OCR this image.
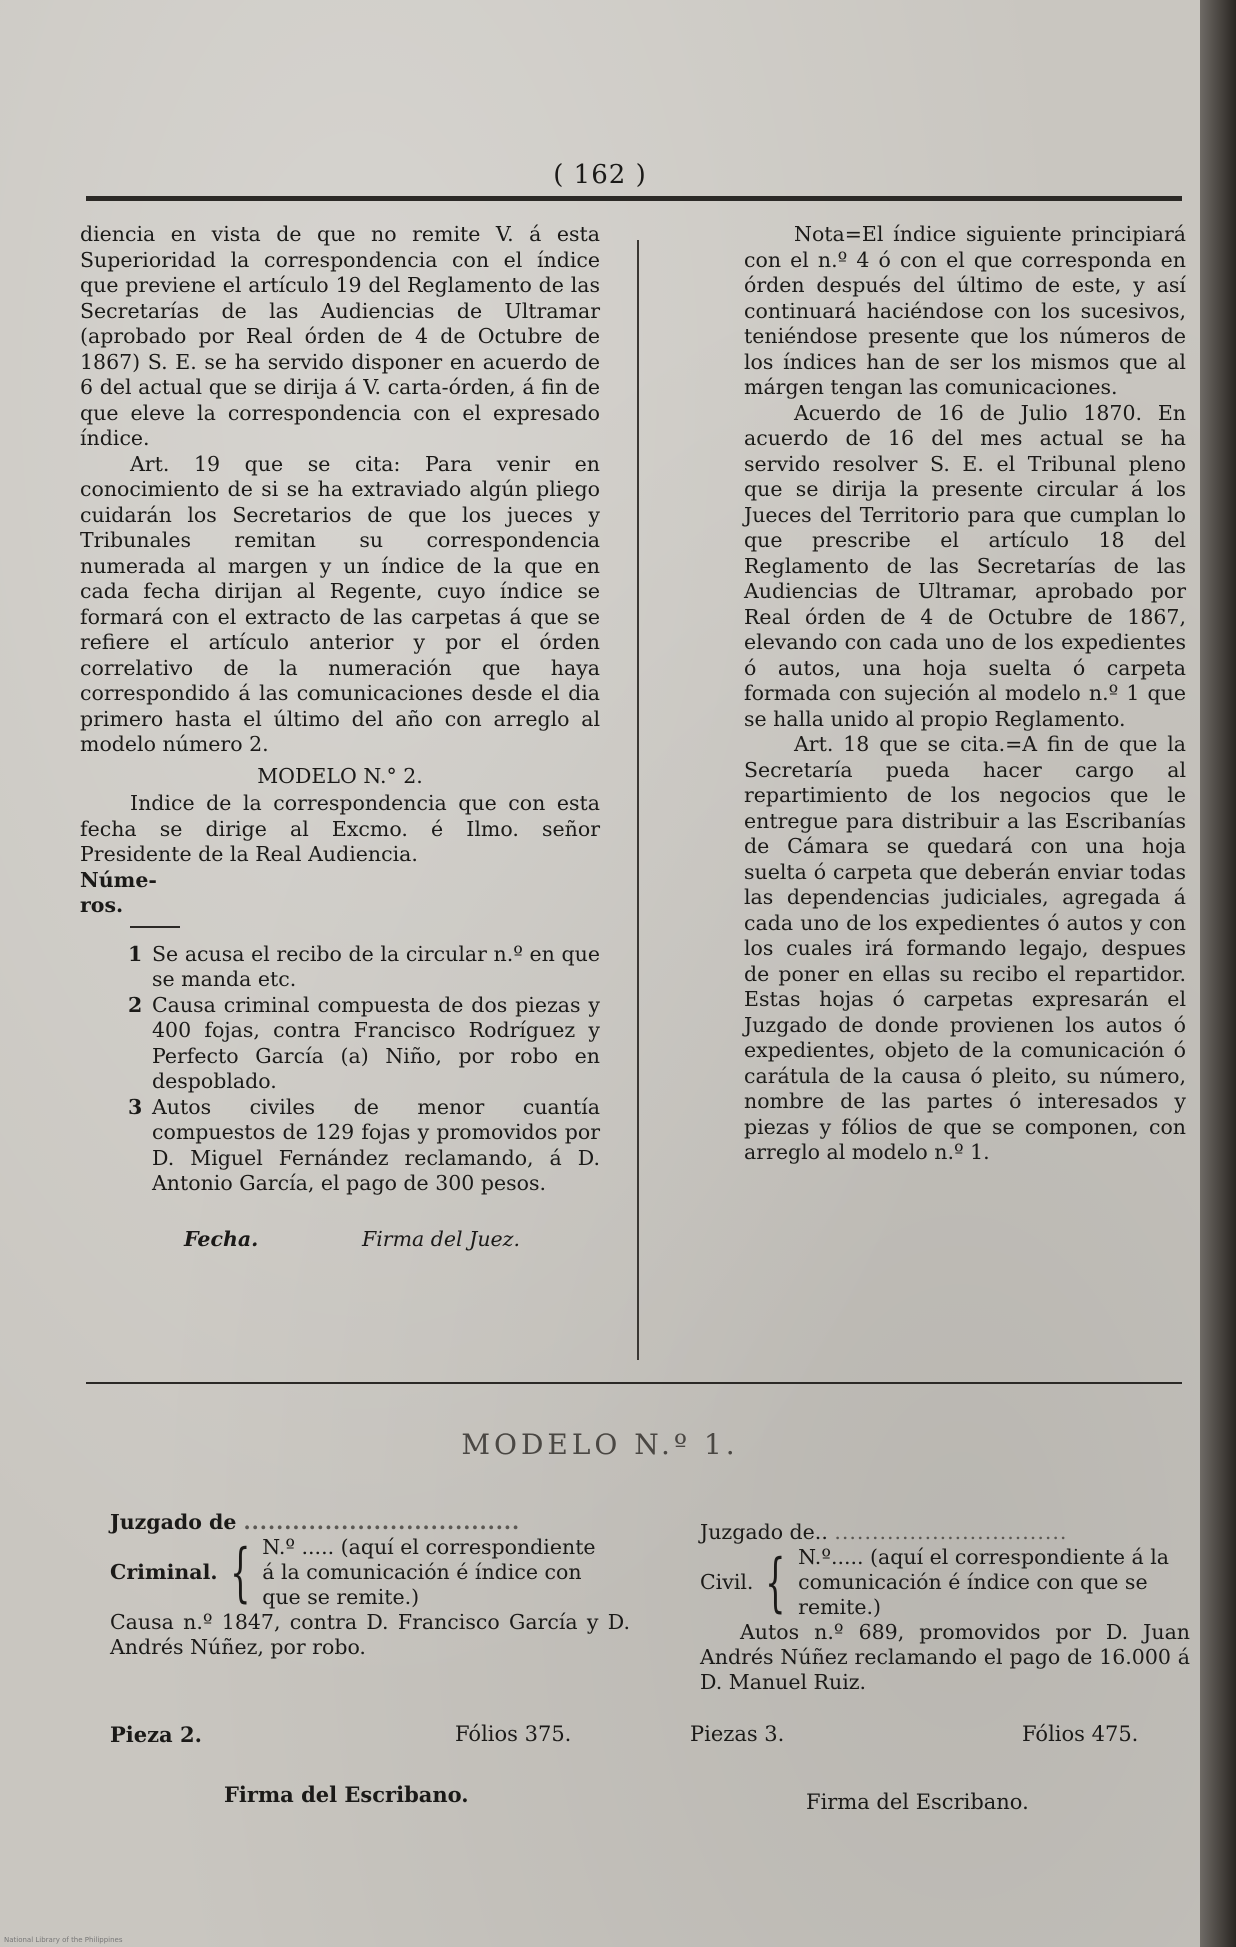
( 162 )

diencia en vista de que no remite V. á esta Superioridad la correspondencia con el índice que previene el artículo 19 del Reglamento de las Secretarías de las Audiencias de Ultramar (aprobado por Real órden de 4 de Octubre de 1867) S. E. se ha servido disponer en acuerdo de 6 del actual que se dirija á V. carta-órden, á fin de que eleve la correspondencia con el expresado índice.

Art. 19 que se cita: Para venir en conocimiento de si se ha extraviado algún pliego cuidarán los Secretarios de que los jueces y Tribunales remitan su correspondencia numerada al margen y un índice de la que en cada fecha dirijan al Regente, cuyo índice se formará con el extracto de las carpetas á que se refiere el artículo anterior y por el órden correlativo de la numeración que haya correspondido á las comunicaciones desde el dia primero hasta el último del año con arreglo al modelo número 2.

MODELO N.° 2.

Indice de la correspondencia que con esta fecha se dirige al Excmo. é Ilmo. señor Presidente de la Real Audiencia.

Núme-
ros.
1 Se acusa el recibo de la circular n.º en que se manda etc.
2 Causa criminal compuesta de dos piezas y 400 fojas, contra Francisco Rodríguez y Perfecto García (a) Niño, por robo en despoblado.
3 Autos civiles de menor cuantía compuestos de 129 fojas y promovidos por D. Miguel Fernández reclamando, á D. Antonio García, el pago de 300 pesos.
Fecha.	Firma del Juez.

Nota=El índice siguiente principiará con el n.º 4 ó con el que corresponda en órden después del último de este, y así continuará haciéndose con los sucesivos, teniéndose presente que los números de los índices han de ser los mismos que al márgen tengan las comunicaciones.

Acuerdo de 16 de Julio 1870. En acuerdo de 16 del mes actual se ha servido resolver S. E. el Tribunal pleno que se dirija la presente circular á los Jueces del Territorio para que cumplan lo que prescribe el artículo 18 del Reglamento de las Secretarías de las Audiencias de Ultramar, aprobado por Real órden de 4 de Octubre de 1867, elevando con cada uno de los expedientes ó autos, una hoja suelta ó carpeta formada con sujeción al modelo n.º 1 que se halla unido al propio Reglamento.

Art. 18 que se cita.=A fin de que la Secretaría pueda hacer cargo al repartimiento de los negocios que le entregue para distribuir a las Escribanías de Cámara se quedará con una hoja suelta ó carpeta que deberán enviar todas las dependencias judiciales, agregada á cada uno de los expedientes ó autos y con los cuales irá formando legajo, despues de poner en ellas su recibo el repartidor. Estas hojas ó carpetas expresarán el Juzgado de donde provienen los autos ó expedientes, objeto de la comunicación ó carátula de la causa ó pleito, su número, nombre de las partes ó interesados y piezas y fólios de que se componen, con arreglo al modelo n.º 1.

MODELO N.º 1.
Juzgado de ..................................
Criminal. { N.º ..... (aquí el correspondiente
á la comunicación é índice con
que se remite.)
Causa n.º 1847, contra D. Francisco García y D. Andrés Núñez, por robo.
Juzgado de.. ...............................
Civil. { N.º..... (aquí el correspondiente á la
comunicación é índice con que se
remite.)
Autos n.º 689, promovidos por D. Juan Andrés Núñez reclamando el pago de 16.000 á D. Manuel Ruiz.
Pieza 2.	Fólios 375.	Piezas 3.	Fólios 475.
Firma del Escribano.	Firma del Escribano.
National Library of the Philippines
